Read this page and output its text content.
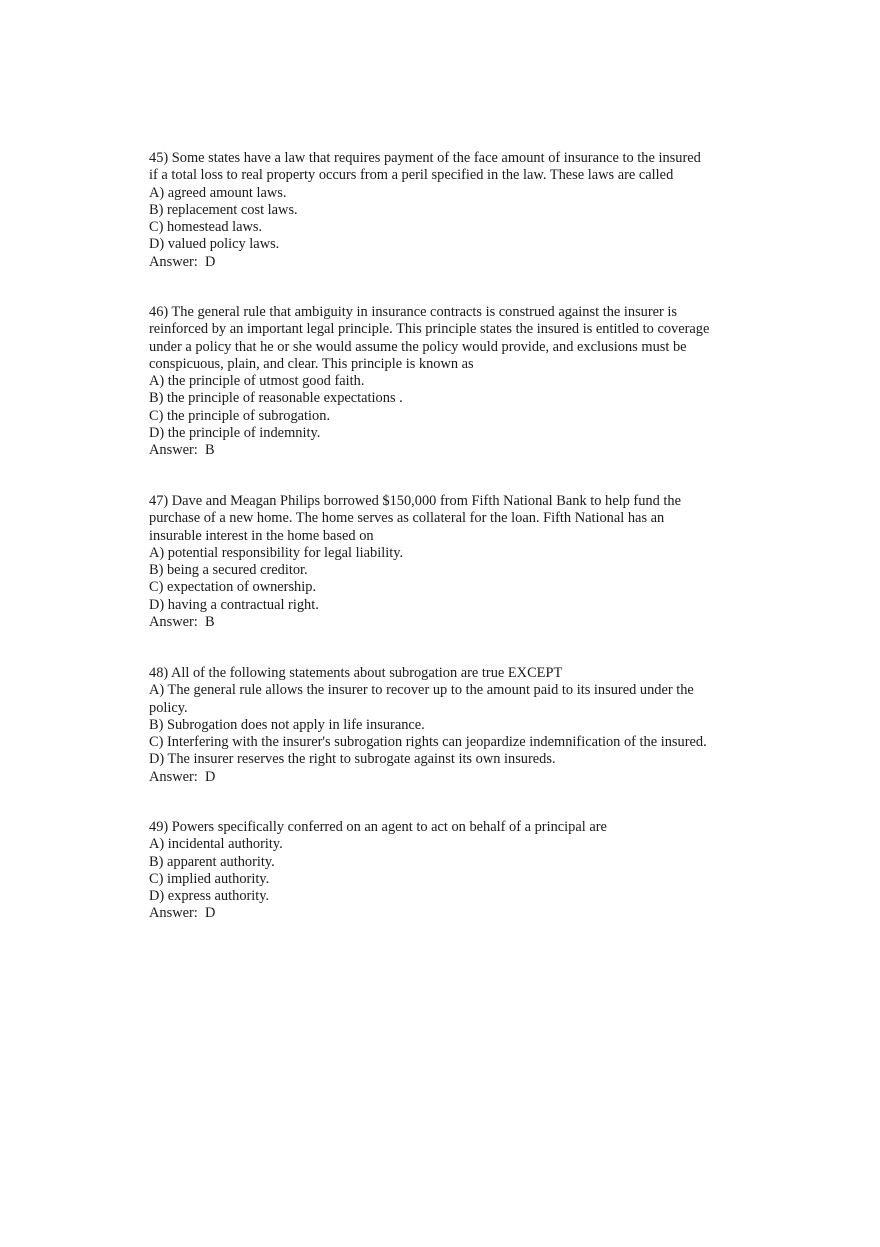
45) Some states have a law that requires payment of the face amount of insurance to the insured
if a total loss to real property occurs from a peril specified in the law. These laws are called
A) agreed amount laws.
B) replacement cost laws.
C) homestead laws.
D) valued policy laws.
Answer:  D
46) The general rule that ambiguity in insurance contracts is construed against the insurer is
reinforced by an important legal principle. This principle states the insured is entitled to coverage
under a policy that he or she would assume the policy would provide, and exclusions must be
conspicuous, plain, and clear. This principle is known as
A) the principle of utmost good faith.
B) the principle of reasonable expectations .
C) the principle of subrogation.
D) the principle of indemnity.
Answer:  B
47) Dave and Meagan Philips borrowed $150,000 from Fifth National Bank to help fund the
purchase of a new home. The home serves as collateral for the loan. Fifth National has an
insurable interest in the home based on
A) potential responsibility for legal liability.
B) being a secured creditor.
C) expectation of ownership.
D) having a contractual right.
Answer:  B
48) All of the following statements about subrogation are true EXCEPT
A) The general rule allows the insurer to recover up to the amount paid to its insured under the
policy.
B) Subrogation does not apply in life insurance.
C) Interfering with the insurer's subrogation rights can jeopardize indemnification of the insured.
D) The insurer reserves the right to subrogate against its own insureds.
Answer:  D
49) Powers specifically conferred on an agent to act on behalf of a principal are
A) incidental authority.
B) apparent authority.
C) implied authority.
D) express authority.
Answer:  D
